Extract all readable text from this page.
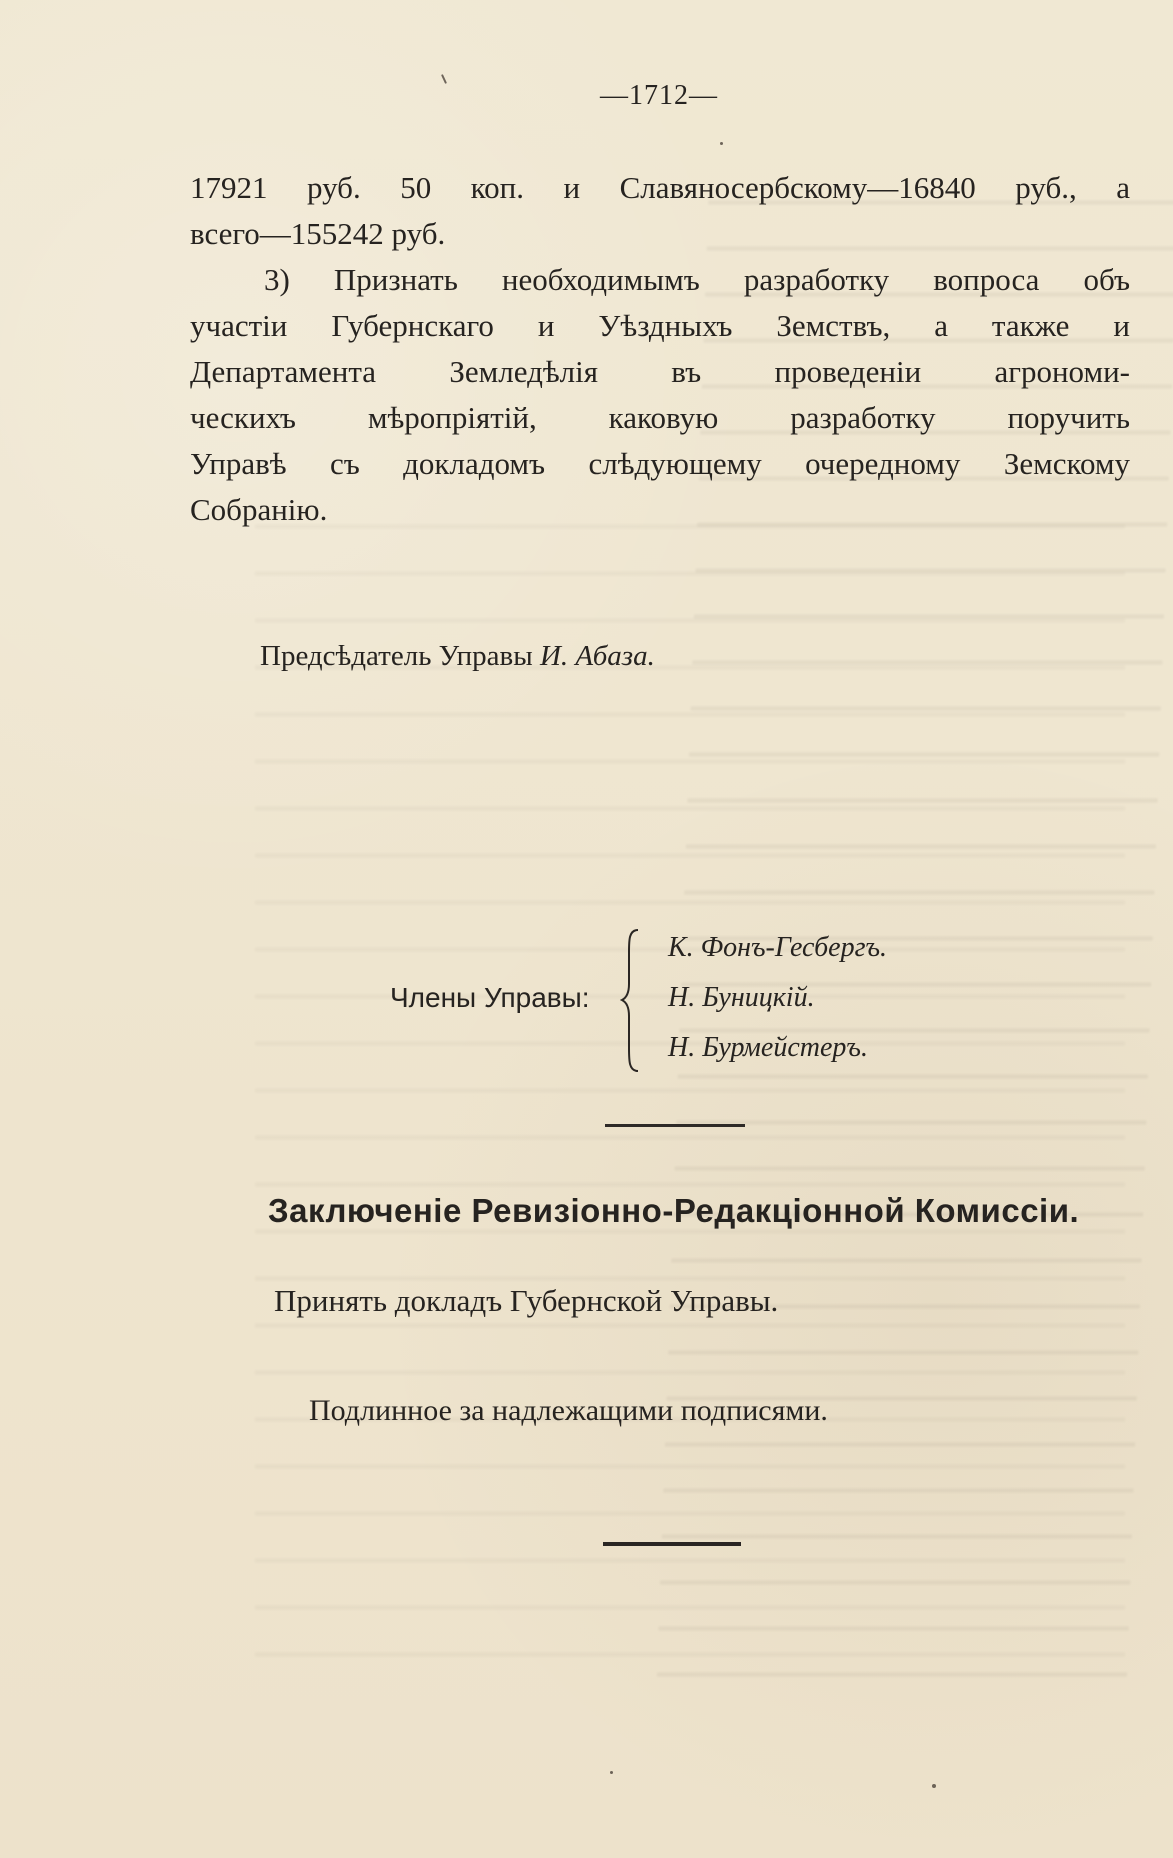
—1712—
17921 руб. 50 коп. и Славяносербскому—16840 руб., а
всего—155242 руб.
3) Признать необходимымъ разработку вопроса объ
участiи Губернскаго и Уѣздныхъ Земствъ, а также и
Департамента Земледѣлія въ проведенiи агрономи-
ческихъ мѣропріятій, каковую разработку поручить
Управѣ съ докладомъ слѣдующему очередному Земскому
Собранiю.
Предсѣдатель Управы И. Абаза.
Члены Управы:
К. Фонъ-Гесбергъ.
Н. Буницкiй.
Н. Бурмейстеръ.
Заключенiе Ревизiонно-Редакцiонной Комиссiи.
Принять докладъ Губернской Управы.
Подлинное за надлежащими подписями.
